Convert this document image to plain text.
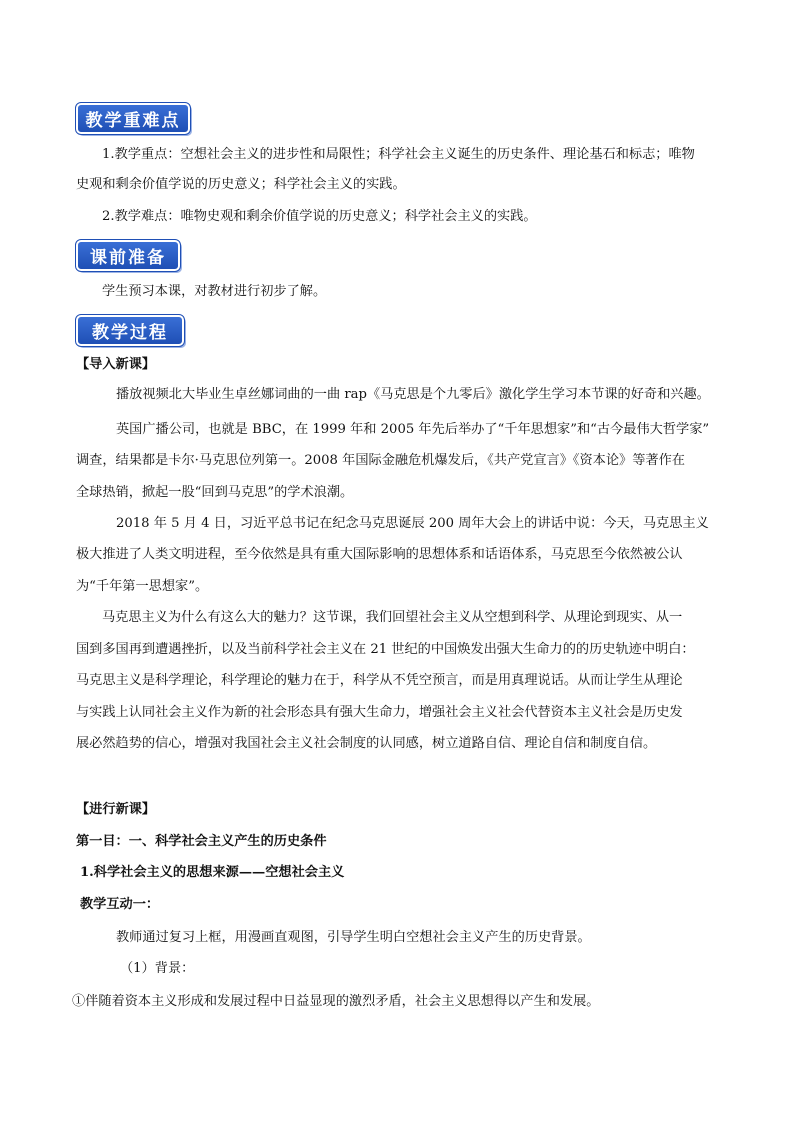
教学重难点
1.教学重点：空想社会主义的进步性和局限性；科学社会主义诞生的历史条件、理论基石和标志；唯物
史观和剩余价值学说的历史意义；科学社会主义的实践。
2.教学难点：唯物史观和剩余价值学说的历史意义；科学社会主义的实践。
课前准备
学生预习本课，对教材进行初步了解。
教学过程
【导入新课】
播放视频北大毕业生卓丝娜词曲的一曲 rap《马克思是个九零后》激化学生学习本节课的好奇和兴趣。
英国广播公司，也就是 BBC，在 1999 年和 2005 年先后举办了“千年思想家”和“古今最伟大哲学家”
调查，结果都是卡尔·马克思位列第一。2008 年国际金融危机爆发后，《共产党宣言》《资本论》等著作在
全球热销，掀起一股“回到马克思”的学术浪潮。
2018 年 5 月 4 日，习近平总书记在纪念马克思诞辰 200 周年大会上的讲话中说：今天，马克思主义
极大推进了人类文明进程，至今依然是具有重大国际影响的思想体系和话语体系，马克思至今依然被公认
为“千年第一思想家”。
马克思主义为什么有这么大的魅力？这节课，我们回望社会主义从空想到科学、从理论到现实、从一
国到多国再到遭遇挫折，以及当前科学社会主义在 21 世纪的中国焕发出强大生命力的的历史轨迹中明白：
马克思主义是科学理论，科学理论的魅力在于，科学从不凭空预言，而是用真理说话。从而让学生从理论
与实践上认同社会主义作为新的社会形态具有强大生命力，增强社会主义社会代替资本主义社会是历史发
展必然趋势的信心，增强对我国社会主义社会制度的认同感，树立道路自信、理论自信和制度自信。
【进行新课】
第一目：一、科学社会主义产生的历史条件
1.科学社会主义的思想来源——空想社会主义
教学互动一：
教师通过复习上框，用漫画直观图，引导学生明白空想社会主义产生的历史背景。
（1）背景：
①伴随着资本主义形成和发展过程中日益显现的激烈矛盾，社会主义思想得以产生和发展。
